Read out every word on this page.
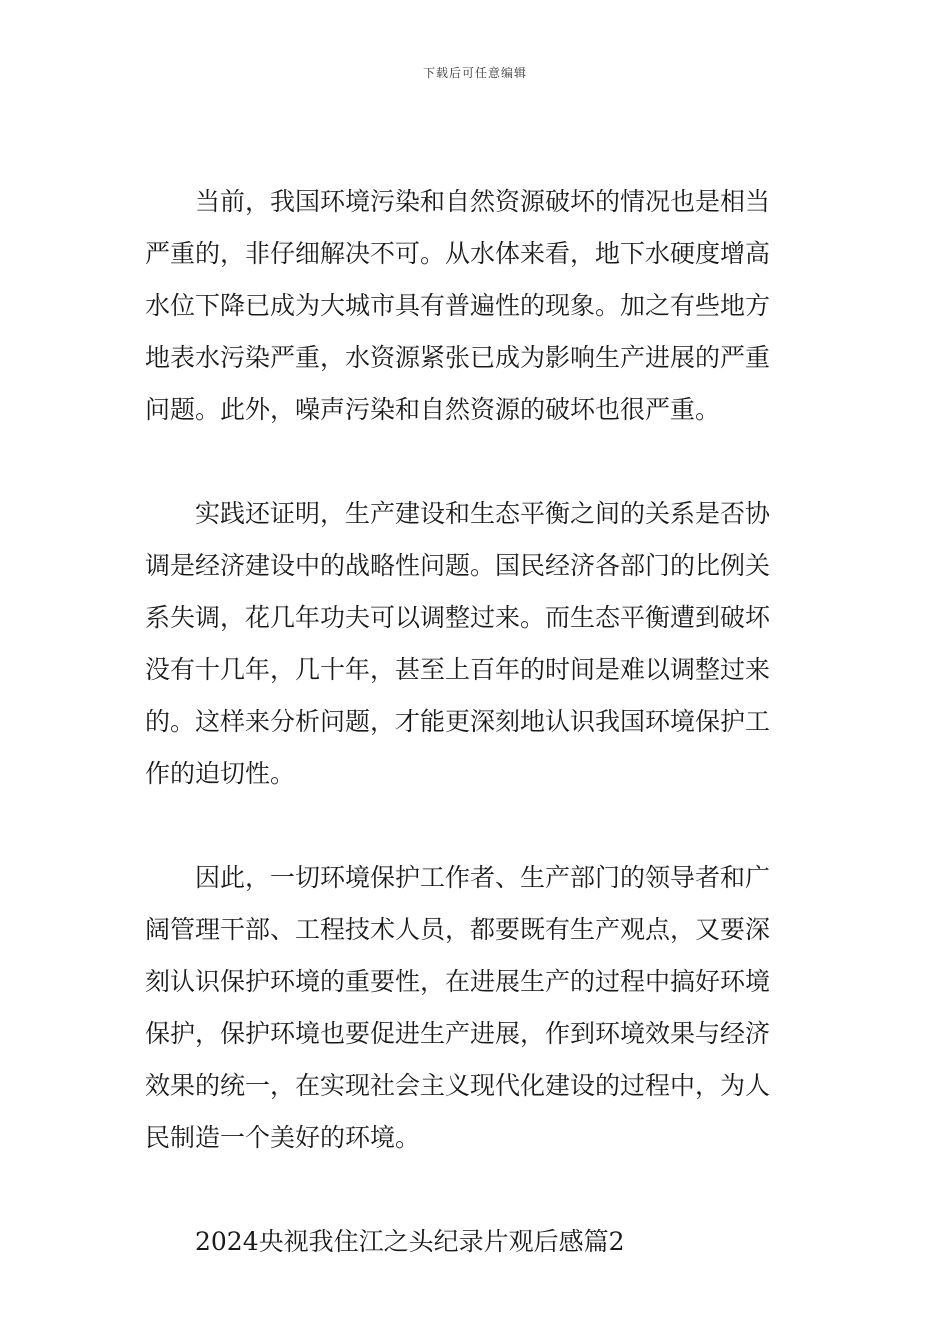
下载后可任意编辑

当前，我国环境污染和自然资源破坏的情况也是相当
严重的，非仔细解决不可。从水体来看，地下水硬度增高
水位下降已成为大城市具有普遍性的现象。加之有些地方
地表水污染严重，水资源紧张已成为影响生产进展的严重
问题。此外，噪声污染和自然资源的破坏也很严重。

实践还证明，生产建设和生态平衡之间的关系是否协
调是经济建设中的战略性问题。国民经济各部门的比例关
系失调，花几年功夫可以调整过来。而生态平衡遭到破坏
没有十几年，几十年，甚至上百年的时间是难以调整过来
的。这样来分析问题，才能更深刻地认识我国环境保护工
作的迫切性。

因此，一切环境保护工作者、生产部门的领导者和广
阔管理干部、工程技术人员，都要既有生产观点，又要深
刻认识保护环境的重要性，在进展生产的过程中搞好环境
保护，保护环境也要促进生产进展，作到环境效果与经济
效果的统一，在实现社会主义现代化建设的过程中，为人
民制造一个美好的环境。

2024央视我住江之头纪录片观后感篇2
